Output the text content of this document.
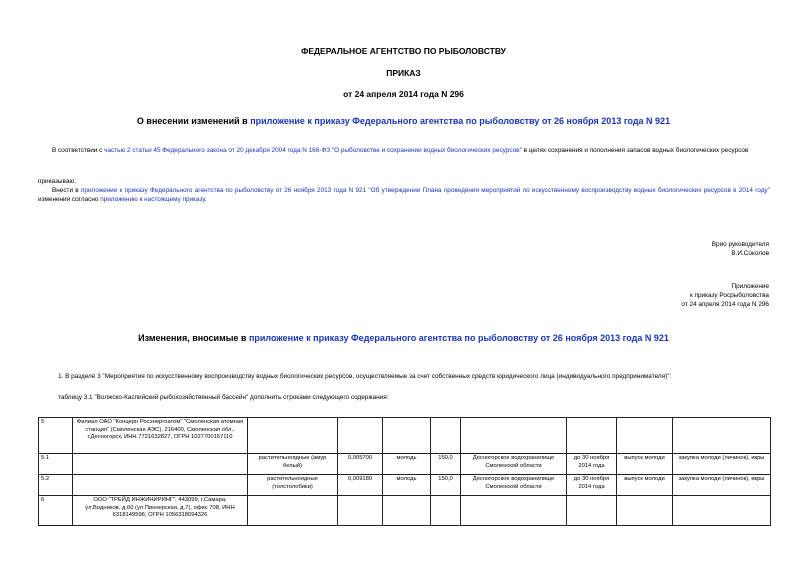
ФЕДЕРАЛЬНОЕ АГЕНТСТВО ПО РЫБОЛОВСТВУ
ПРИКАЗ
от 24 апреля 2014 года N 296
О внесении изменений в приложение к приказу Федерального агентства по рыболовству от 26 ноября 2013 года N 921
В соответствии с частью 2 статьи 45 Федерального закона от 20 декабря 2004 года N 166-ФЗ "О рыболовстве и сохранении водных биологических ресурсов" в целях сохранения и пополнения запасов водных биологических ресурсов
приказываю:
Внести в приложение к приказу Федерального агентства по рыболовству от 26 ноября 2013 года N 921 "Об утверждении Плана проведения мероприятий по искусственному воспроизводству водных биологических ресурсов в 2014 году" изменения согласно приложению к настоящему приказу.
Врио руководителя
В.И.Соколов
Приложение
к приказу Росрыболовства
от 24 апреля 2014 года N 296
Изменения, вносимые в приложение к приказу Федерального агентства по рыболовству от 26 ноября 2013 года N 921
1. В разделе 3 "Мероприятия по искусственному воспроизводству водных биологических ресурсов, осуществляемые за счет собственных средств юридического лица (индивидуального предпринимателя)":
таблицу 3.1 "Волжско-Каспийский рыбохозяйственный бассейн" дополнить строками следующего содержания:
5	Филиал ОАО "Концерн Росэнергоатом" "Смоленская атомная станция" (Смоленская АЭС), 216400, Смоленская обл., г.Десногорск, ИНН 7721632827, ОГРН 1027700167110								
5.1		растительноядные (амур белый)	0,005700	молодь	150,0	Десногорское водохранилище Смоленской области	до 30 ноября 2014 года	выпуск молоди	закупка молоди (личинок), икры
5.2		растительноядные (толстолобики)	0,009180	молодь	150,0	Десногорское водохранилище Смоленской области	до 30 ноября 2014 года	выпуск молоди	закупка молоди (личинок), икры
6	ООО "ТРЕЙД ИНЖИНИРИНГ", 443099, г.Самара, ул.Водников, д.60 (ул.Пионерская, д.7), офис 708, ИНН 6318149596, ОГРН 1056318094326								
